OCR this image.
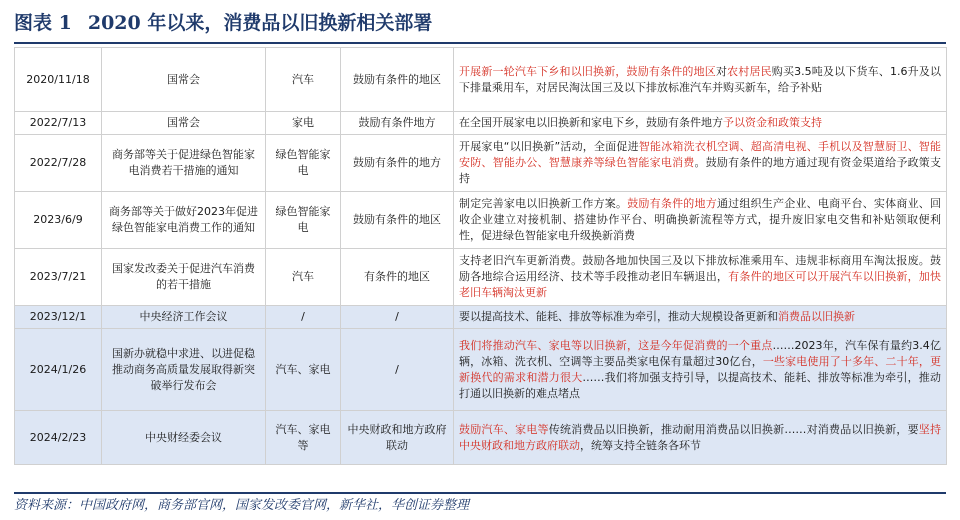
图表 1 2020 年以来，消费品以旧换新相关部署
2020/11/18	国常会	汽车	鼓励有条件的地区	开展新一轮汽车下乡和以旧换新，鼓励有条件的地区对农村居民购买3.5吨及以下货车、1.6升及以下排量乘用车，对居民淘汰国三及以下排放标准汽车并购买新车，给予补贴
2022/7/13	国常会	家电	鼓励有条件地方	在全国开展家电以旧换新和家电下乡，鼓励有条件地方予以资金和政策支持
2022/7/28	商务部等关于促进绿色智能家电消费若干措施的通知	绿色智能家电	鼓励有条件的地方	开展家电“以旧换新”活动，全面促进智能冰箱洗衣机空调、超高清电视、手机以及智慧厨卫、智能安防、智能办公、智慧康养等绿色智能家电消费。鼓励有条件的地方通过现有资金渠道给予政策支持
2023/6/9	商务部等关于做好2023年促进绿色智能家电消费工作的通知	绿色智能家电	鼓励有条件的地区	制定完善家电以旧换新工作方案。鼓励有条件的地方通过组织生产企业、电商平台、实体商业、回收企业建立对接机制、搭建协作平台、明确换新流程等方式，提升废旧家电交售和补贴领取便利性，促进绿色智能家电升级换新消费
2023/7/21	国家发改委关于促进汽车消费的若干措施	汽车	有条件的地区	支持老旧汽车更新消费。鼓励各地加快国三及以下排放标准乘用车、违规非标商用车淘汰报废。鼓励各地综合运用经济、技术等手段推动老旧车辆退出，有条件的地区可以开展汽车以旧换新，加快老旧车辆淘汰更新
2023/12/1	中央经济工作会议	/	/	要以提高技术、能耗、排放等标准为牵引，推动大规模设备更新和消费品以旧换新
2024/1/26	国新办就稳中求进、以进促稳推动商务高质量发展取得新突破举行发布会	汽车、家电	/	我们将推动汽车、家电等以旧换新，这是今年促消费的一个重点……2023年，汽车保有量约3.4亿辆，冰箱、洗衣机、空调等主要品类家电保有量超过30亿台，一些家电使用了十多年、二十年，更新换代的需求和潜力很大……我们将加强支持引导，以提高技术、能耗、排放等标准为牵引，推动打通以旧换新的难点堵点
2024/2/23	中央财经委会议	汽车、家电等	中央财政和地方政府联动	鼓励汽车、家电等传统消费品以旧换新，推动耐用消费品以旧换新……对消费品以旧换新，要坚持中央财政和地方政府联动，统筹支持全链条各环节
资料来源：中国政府网，商务部官网，国家发改委官网，新华社，华创证券整理
